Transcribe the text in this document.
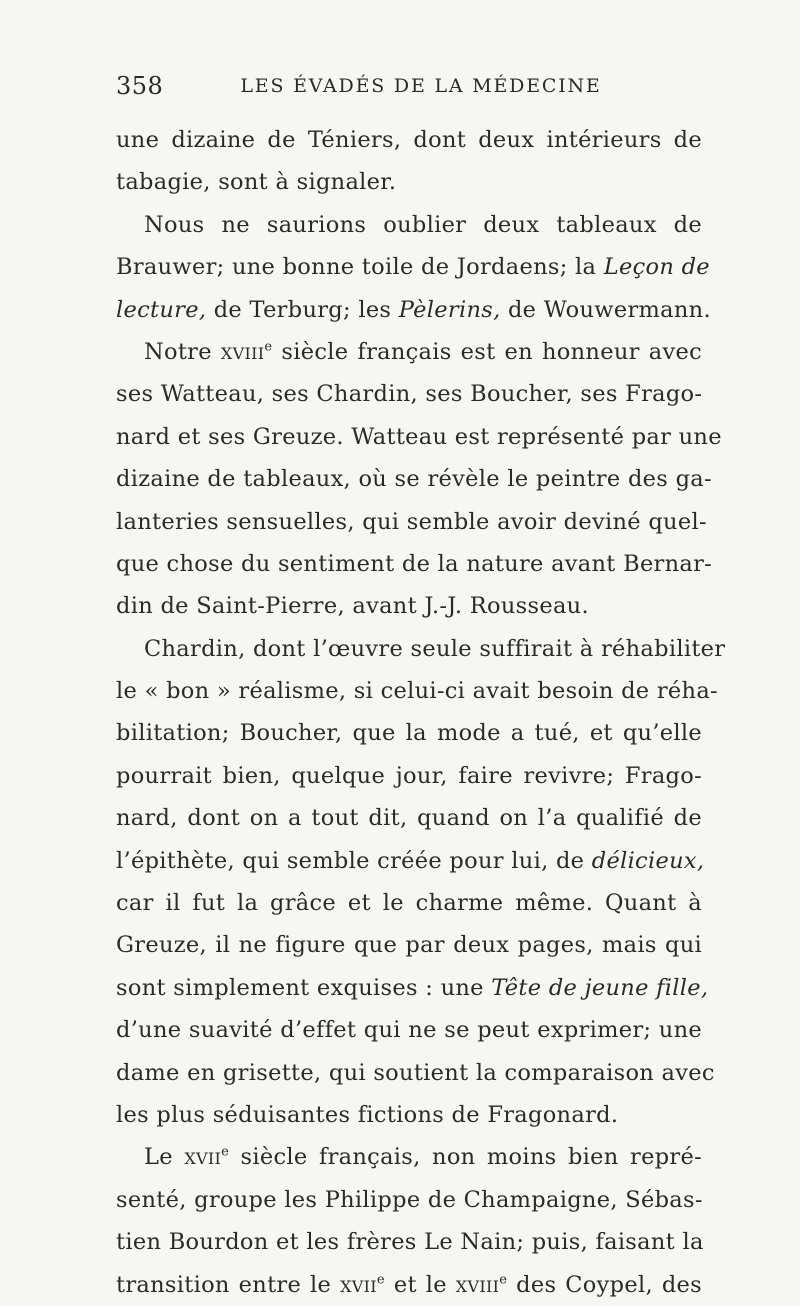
358	LES ÉVADÉS DE LA MÉDECINE
une dizaine de Téniers, dont deux intérieurs de
tabagie, sont à signaler.
Nous ne saurions oublier deux tableaux de
Brauwer; une bonne toile de Jordaens; la Leçon de
lecture, de Terburg; les Pèlerins, de Wouwermann.
Notre xviii$^e$ siècle français est en honneur avec
ses Watteau, ses Chardin, ses Boucher, ses Frago-
nard et ses Greuze. Watteau est représenté par une
dizaine de tableaux, où se révèle le peintre des ga-
lanteries sensuelles, qui semble avoir deviné quel-
que chose du sentiment de la nature avant Bernar-
din de Saint-Pierre, avant J.-J. Rousseau.
Chardin, dont l’œuvre seule suffirait à réhabiliter
le « bon » réalisme, si celui-ci avait besoin de réha-
bilitation; Boucher, que la mode a tué, et qu’elle
pourrait bien, quelque jour, faire revivre; Frago-
nard, dont on a tout dit, quand on l’a qualifié de
l’épithète, qui semble créée pour lui, de délicieux,
car il fut la grâce et le charme même. Quant à
Greuze, il ne figure que par deux pages, mais qui
sont simplement exquises : une Tête de jeune fille,
d’une suavité d’effet qui ne se peut exprimer; une
dame en grisette, qui soutient la comparaison avec
les plus séduisantes fictions de Fragonard.
Le xvii$^e$ siècle français, non moins bien repré-
senté, groupe les Philippe de Champaigne, Sébas-
tien Bourdon et les frères Le Nain; puis, faisant la
transition entre le xvii$^e$ et le xviii$^e$ des Coypel, des
